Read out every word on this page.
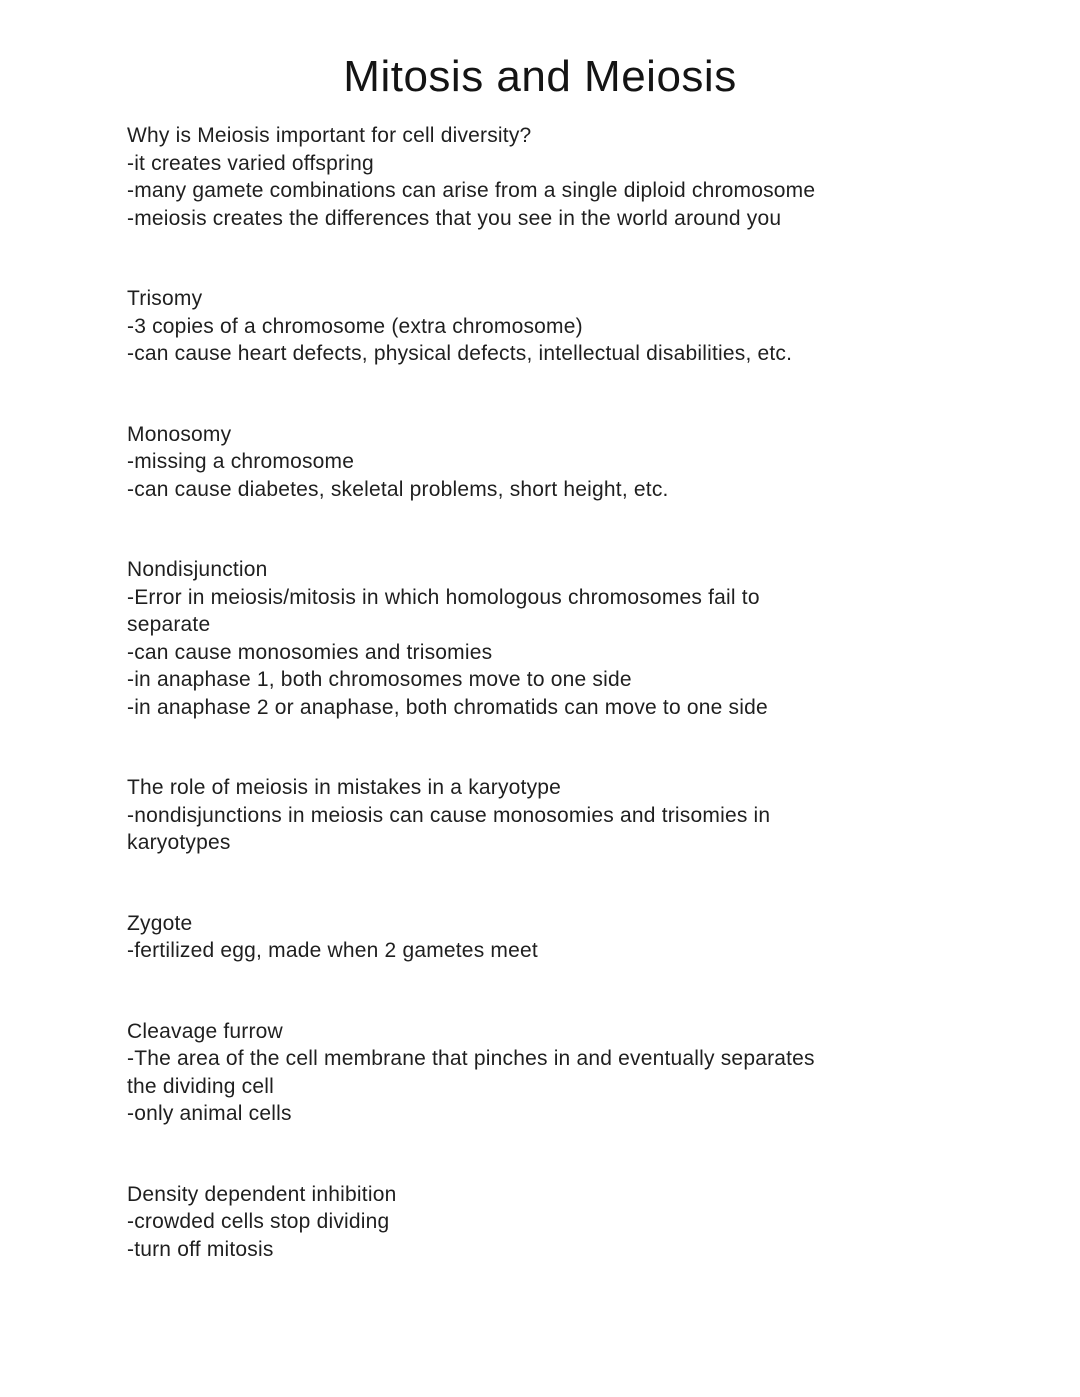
Mitosis and Meiosis
Why is Meiosis important for cell diversity?
-it creates varied offspring
-many gamete combinations can arise from a single diploid chromosome
-meiosis creates the differences that you see in the world around you
Trisomy
-3 copies of a chromosome (extra chromosome)
-can cause heart defects, physical defects, intellectual disabilities, etc.
Monosomy
-missing a chromosome
-can cause diabetes, skeletal problems, short height, etc.
Nondisjunction
-Error in meiosis/mitosis in which homologous chromosomes fail to
separate
-can cause monosomies and trisomies
-in anaphase 1, both chromosomes move to one side
-in anaphase 2 or anaphase, both chromatids can move to one side
The role of meiosis in mistakes in a karyotype
-nondisjunctions in meiosis can cause monosomies and trisomies in
karyotypes
Zygote
-fertilized egg, made when 2 gametes meet
Cleavage furrow
-The area of the cell membrane that pinches in and eventually separates
the dividing cell
-only animal cells
Density dependent inhibition
-crowded cells stop dividing
-turn off mitosis
